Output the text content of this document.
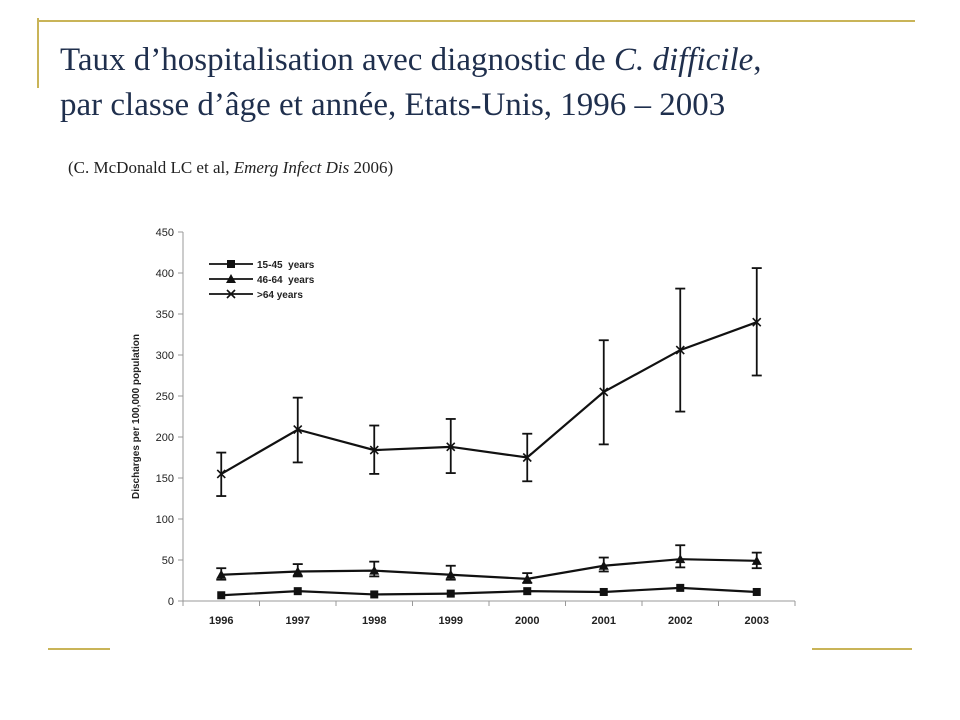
Taux d’hospitalisation avec diagnostic de C. difficile,
par classe d’âge et année, Etats-Unis, 1996 – 2003
(C. McDonald LC et al, Emerg Infect Dis 2006)
0
50
100
150
200
250
300
350
400
450
1996	1997	1998	1999	2000	2001	2002	2003
Discharges per 100,000 population
15-45  years
46-64  years
>64 years
